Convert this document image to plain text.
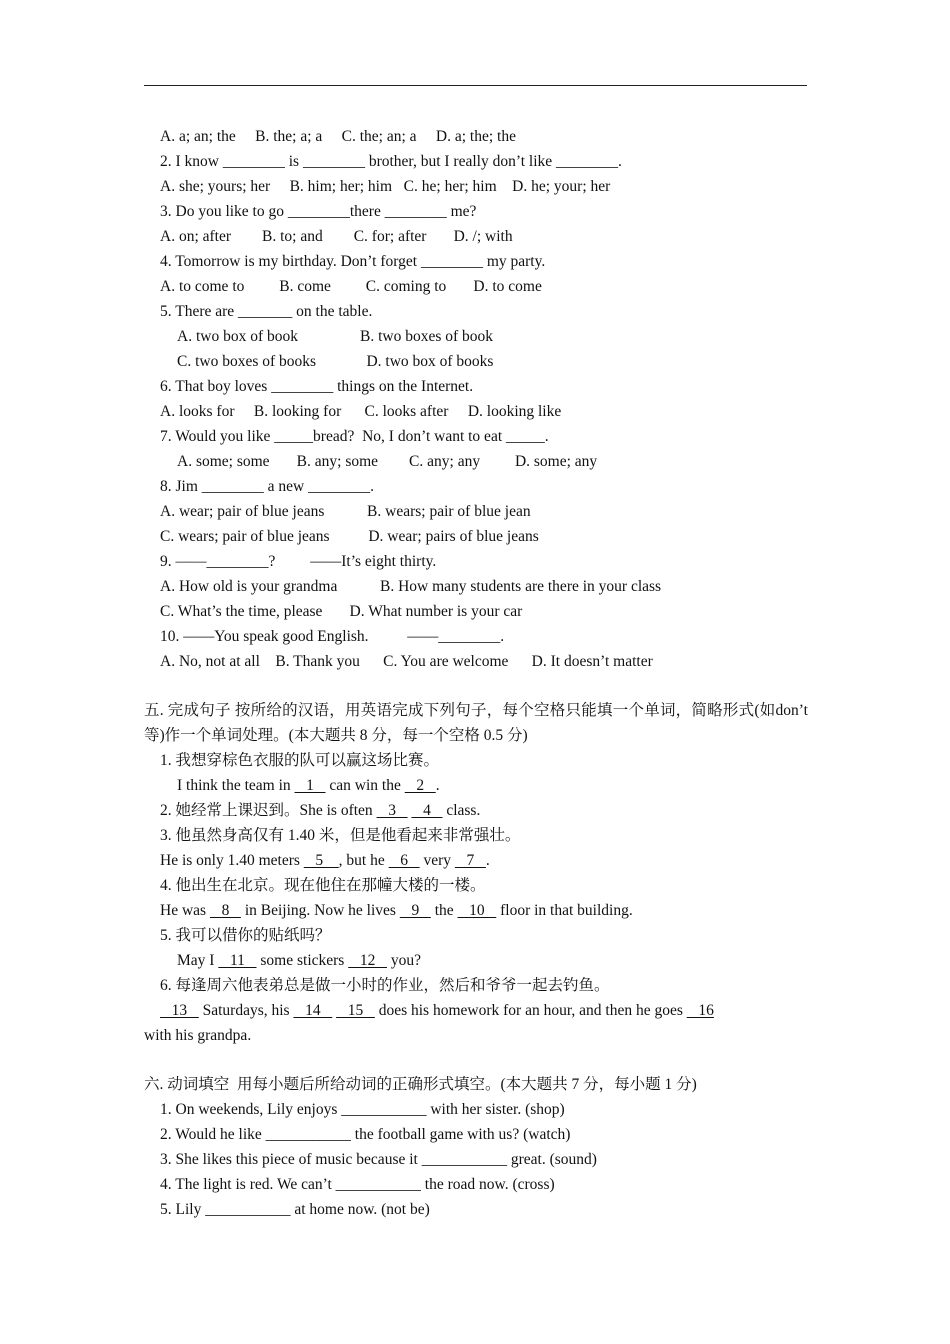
A. a; an; the     B. the; a; a     C. the; an; a     D. a; the; the
2. I know ________ is ________ brother, but I really don’t like ________.
A. she; yours; her     B. him; her; him   C. he; her; him    D. he; your; her
3. Do you like to go ________there ________ me?
A. on; after        B. to; and        C. for; after       D. /; with
4. Tomorrow is my birthday. Don’t forget ________ my party.
A. to come to         B. come         C. coming to       D. to come
5. There are _______ on the table.
A. two box of book                B. two boxes of book
C. two boxes of books             D. two box of books
6. That boy loves ________ things on the Internet.
A. looks for     B. looking for      C. looks after     D. looking like
7. Would you like _____bread?  No, I don’t want to eat _____.
A. some; some       B. any; some        C. any; any         D. some; any
8. Jim ________ a new ________.
A. wear; pair of blue jeans           B. wears; pair of blue jean
C. wears; pair of blue jeans          D. wear; pairs of blue jeans
9. ——________?         ——It’s eight thirty.
A. How old is your grandma           B. How many students are there in your class
C. What’s the time, please       D. What number is your car
10. ——You speak good English.          ——________.
A. No, not at all    B. Thank you      C. You are welcome      D. It doesn’t matter
五. 完成句子 按所给的汉语，用英语完成下列句子，每个空格只能填一个单词，简略形式(如don’t 等)作一个单词处理。(本大题共 8 分，每一个空格 0.5 分)
1. 我想穿棕色衣服的队可以赢这场比赛。
I think the team in    1    can win the    2   .
2. 她经常上课迟到。She is often    3       4    class.
3. 他虽然身高仅有 1.40 米，但是他看起来非常强壮。
He is only 1.40 meters    5    , but he    6    very    7   .
4. 他出生在北京。现在他住在那幢大楼的一楼。
He was    8    in Beijing. Now he lives    9    the    10    floor in that building.
5. 我可以借你的贴纸吗？
May I    11    some stickers    12    you?
6. 每逢周六他表弟总是做一小时的作业，然后和爷爷一起去钓鱼。
13    Saturdays, his    14       15    does his homework for an hour, and then he goes    16
with his grandpa.
六. 动词填空  用每小题后所给动词的正确形式填空。(本大题共 7 分，每小题 1 分)
1. On weekends, Lily enjoys ___________ with her sister. (shop)
2. Would he like ___________ the football game with us? (watch)
3. She likes this piece of music because it ___________ great. (sound)
4. The light is red. We can’t ___________ the road now. (cross)
5. Lily ___________ at home now. (not be)
